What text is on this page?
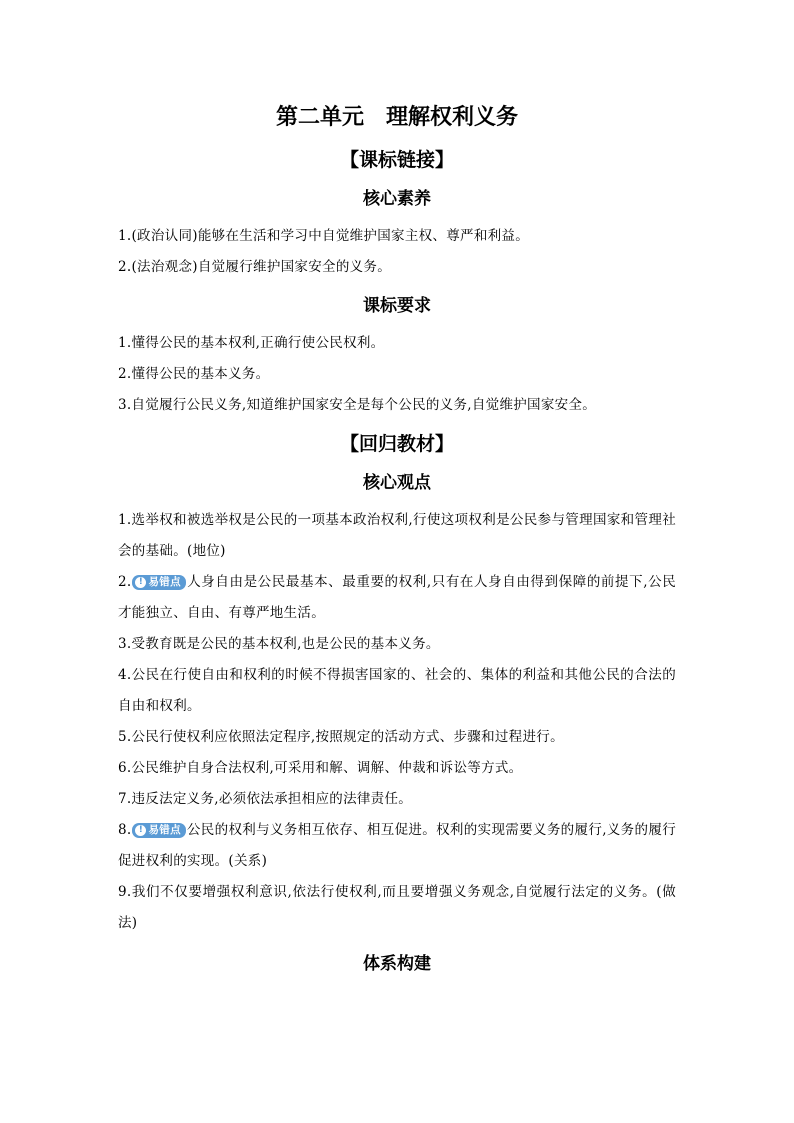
第二单元　理解权利义务
【课标链接】
核心素养

1.(政治认同)能够在生活和学习中自觉维护国家主权、尊严和利益。

2.(法治观念)自觉履行维护国家安全的义务。

课标要求

1.懂得公民的基本权利,正确行使公民权利。

2.懂得公民的基本义务。

3.自觉履行公民义务,知道维护国家安全是每个公民的义务,自觉维护国家安全。

【回归教材】
核心观点

1.选举权和被选举权是公民的一项基本政治权利,行使这项权利是公民参与管理国家和管理社会的基础。(地位)

2. ! 易错点 人身自由是公民最基本、最重要的权利,只有在人身自由得到保障的前提下,公民才能独立、自由、有尊严地生活。

3.受教育既是公民的基本权利,也是公民的基本义务。

4.公民在行使自由和权利的时候不得损害国家的、社会的、集体的利益和其他公民的合法的自由和权利。

5.公民行使权利应依照法定程序,按照规定的活动方式、步骤和过程进行。

6.公民维护自身合法权利,可采用和解、调解、仲裁和诉讼等方式。

7.违反法定义务,必须依法承担相应的法律责任。

8. ! 易错点 公民的权利与义务相互依存、相互促进。权利的实现需要义务的履行,义务的履行促进权利的实现。(关系)

9.我们不仅要增强权利意识,依法行使权利,而且要增强义务观念,自觉履行法定的义务。(做法)

体系构建
